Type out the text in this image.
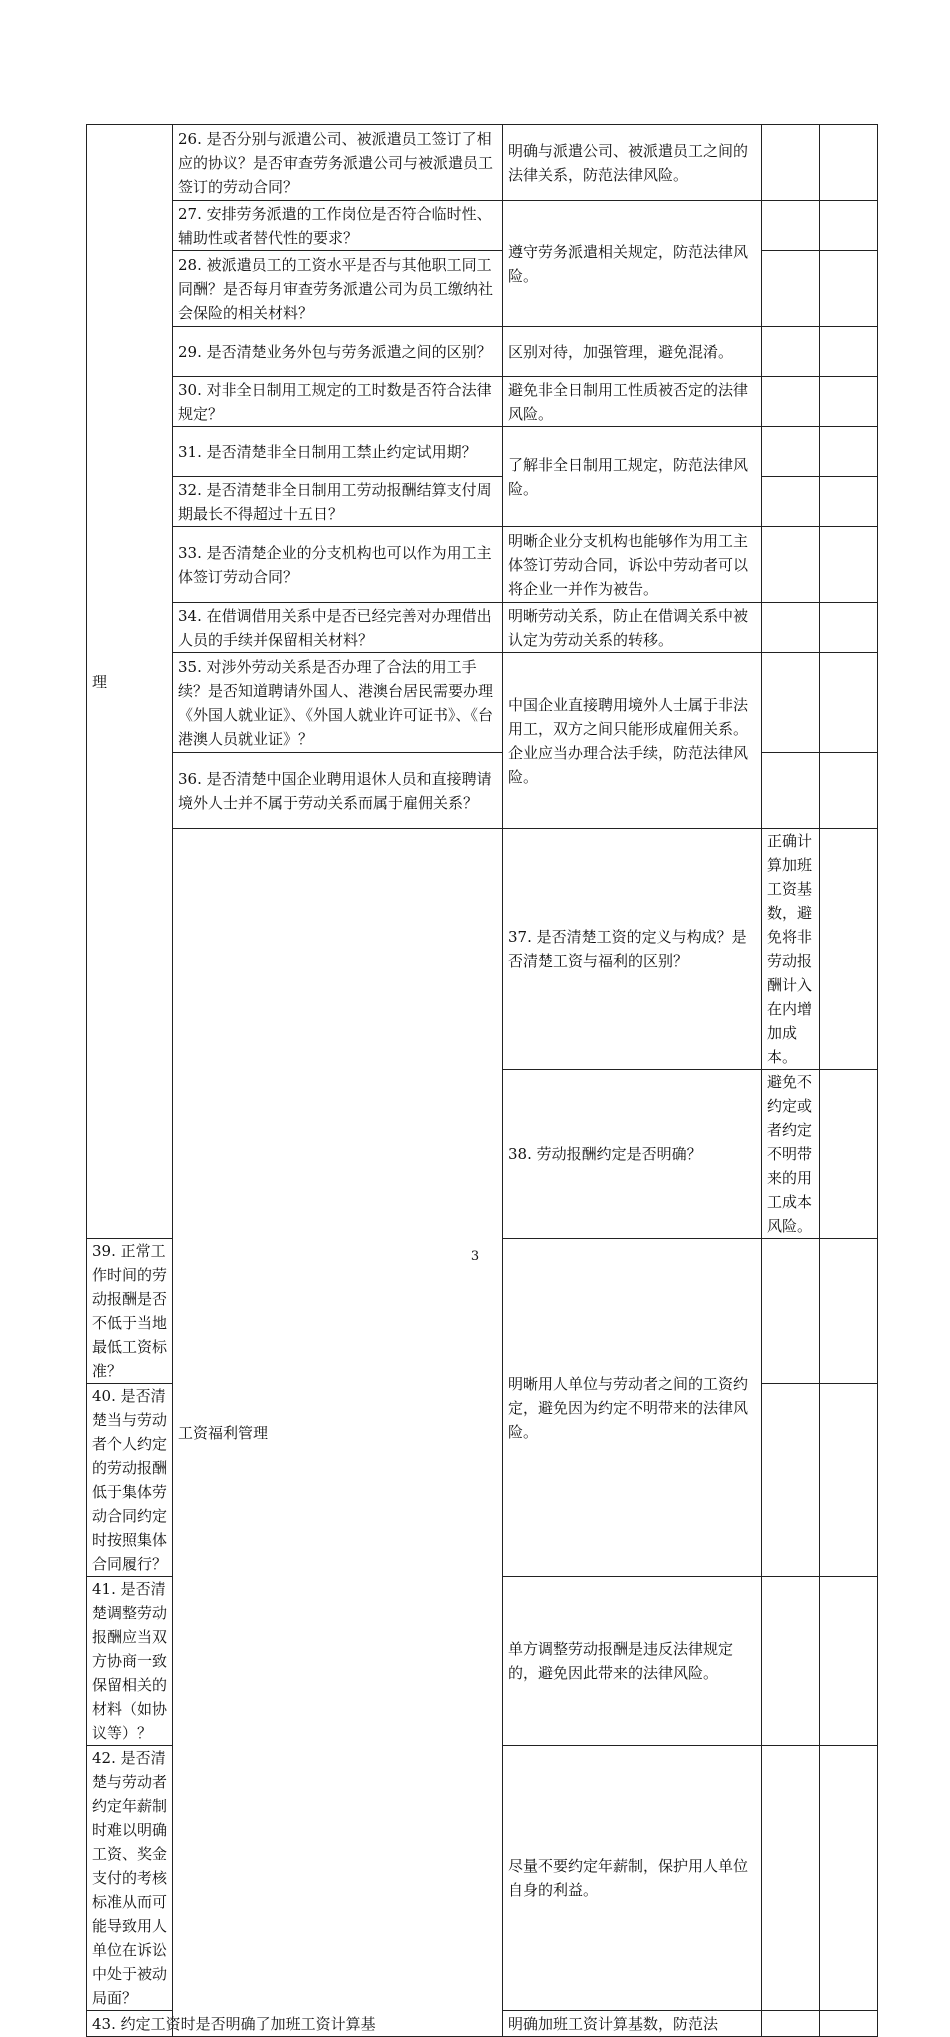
理	26. 是否分别与派遣公司、被派遣员工签订了相应的协议？是否审查劳务派遣公司与被派遣员工签订的劳动合同？	明确与派遣公司、被派遣员工之间的法律关系，防范法律风险。			
	27. 安排劳务派遣的工作岗位是否符合临时性、辅助性或者替代性的要求？	遵守劳务派遣相关规定，防范法律风险。			
	28. 被派遣员工的工资水平是否与其他职工同工同酬？是否每月审查劳务派遣公司为员工缴纳社会保险的相关材料？				
	29. 是否清楚业务外包与劳务派遣之间的区别？	区别对待，加强管理，避免混淆。			
	30. 对非全日制用工规定的工时数是否符合法律规定？	避免非全日制用工性质被否定的法律风险。			
	31. 是否清楚非全日制用工禁止约定试用期？	了解非全日制用工规定，防范法律风险。			
	32. 是否清楚非全日制用工劳动报酬结算支付周期最长不得超过十五日？				
	33. 是否清楚企业的分支机构也可以作为用工主体签订劳动合同？	明晰企业分支机构也能够作为用工主体签订劳动合同，诉讼中劳动者可以将企业一并作为被告。			
	34. 在借调借用关系中是否已经完善对办理借出人员的手续并保留相关材料？	明晰劳动关系，防止在借调关系中被认定为劳动关系的转移。			
	35. 对涉外劳动关系是否办理了合法的用工手续？是否知道聘请外国人、港澳台居民需要办理《外国人就业证》、《外国人就业许可证书》、《台港澳人员就业证》？	中国企业直接聘用境外人士属于非法用工，双方之间只能形成雇佣关系。企业应当办理合法手续，防范法律风险。			
	36. 是否清楚中国企业聘用退休人员和直接聘请境外人士并不属于劳动关系而属于雇佣关系？				
	工资福利管理	37. 是否清楚工资的定义与构成？是否清楚工资与福利的区别？	正确计算加班工资基数，避免将非劳动报酬计入在内增加成本。		
		38. 劳动报酬约定是否明确？	避免不约定或者约定不明带来的用工成本风险。		
39. 正常工作时间的劳动报酬是否不低于当地最低工资标准？		明晰用人单位与劳动者之间的工资约定，避免因为约定不明带来的法律风险。			
40. 是否清楚当与劳动者个人约定的劳动报酬低于集体劳动合同约定时按照集体合同履行？					
41. 是否清楚调整劳动报酬应当双方协商一致保留相关的材料（如协议等）？		单方调整劳动报酬是违反法律规定的，避免因此带来的法律风险。			
42. 是否清楚与劳动者约定年薪制时难以明确工资、奖金支付的考核标准从而可能导致用人单位在诉讼中处于被动局面？		尽量不要约定年薪制，保护用人单位自身的利益。			
43. 约定工资时是否明确了加班工资计算基		明确加班工资计算基数，防范法			
3
